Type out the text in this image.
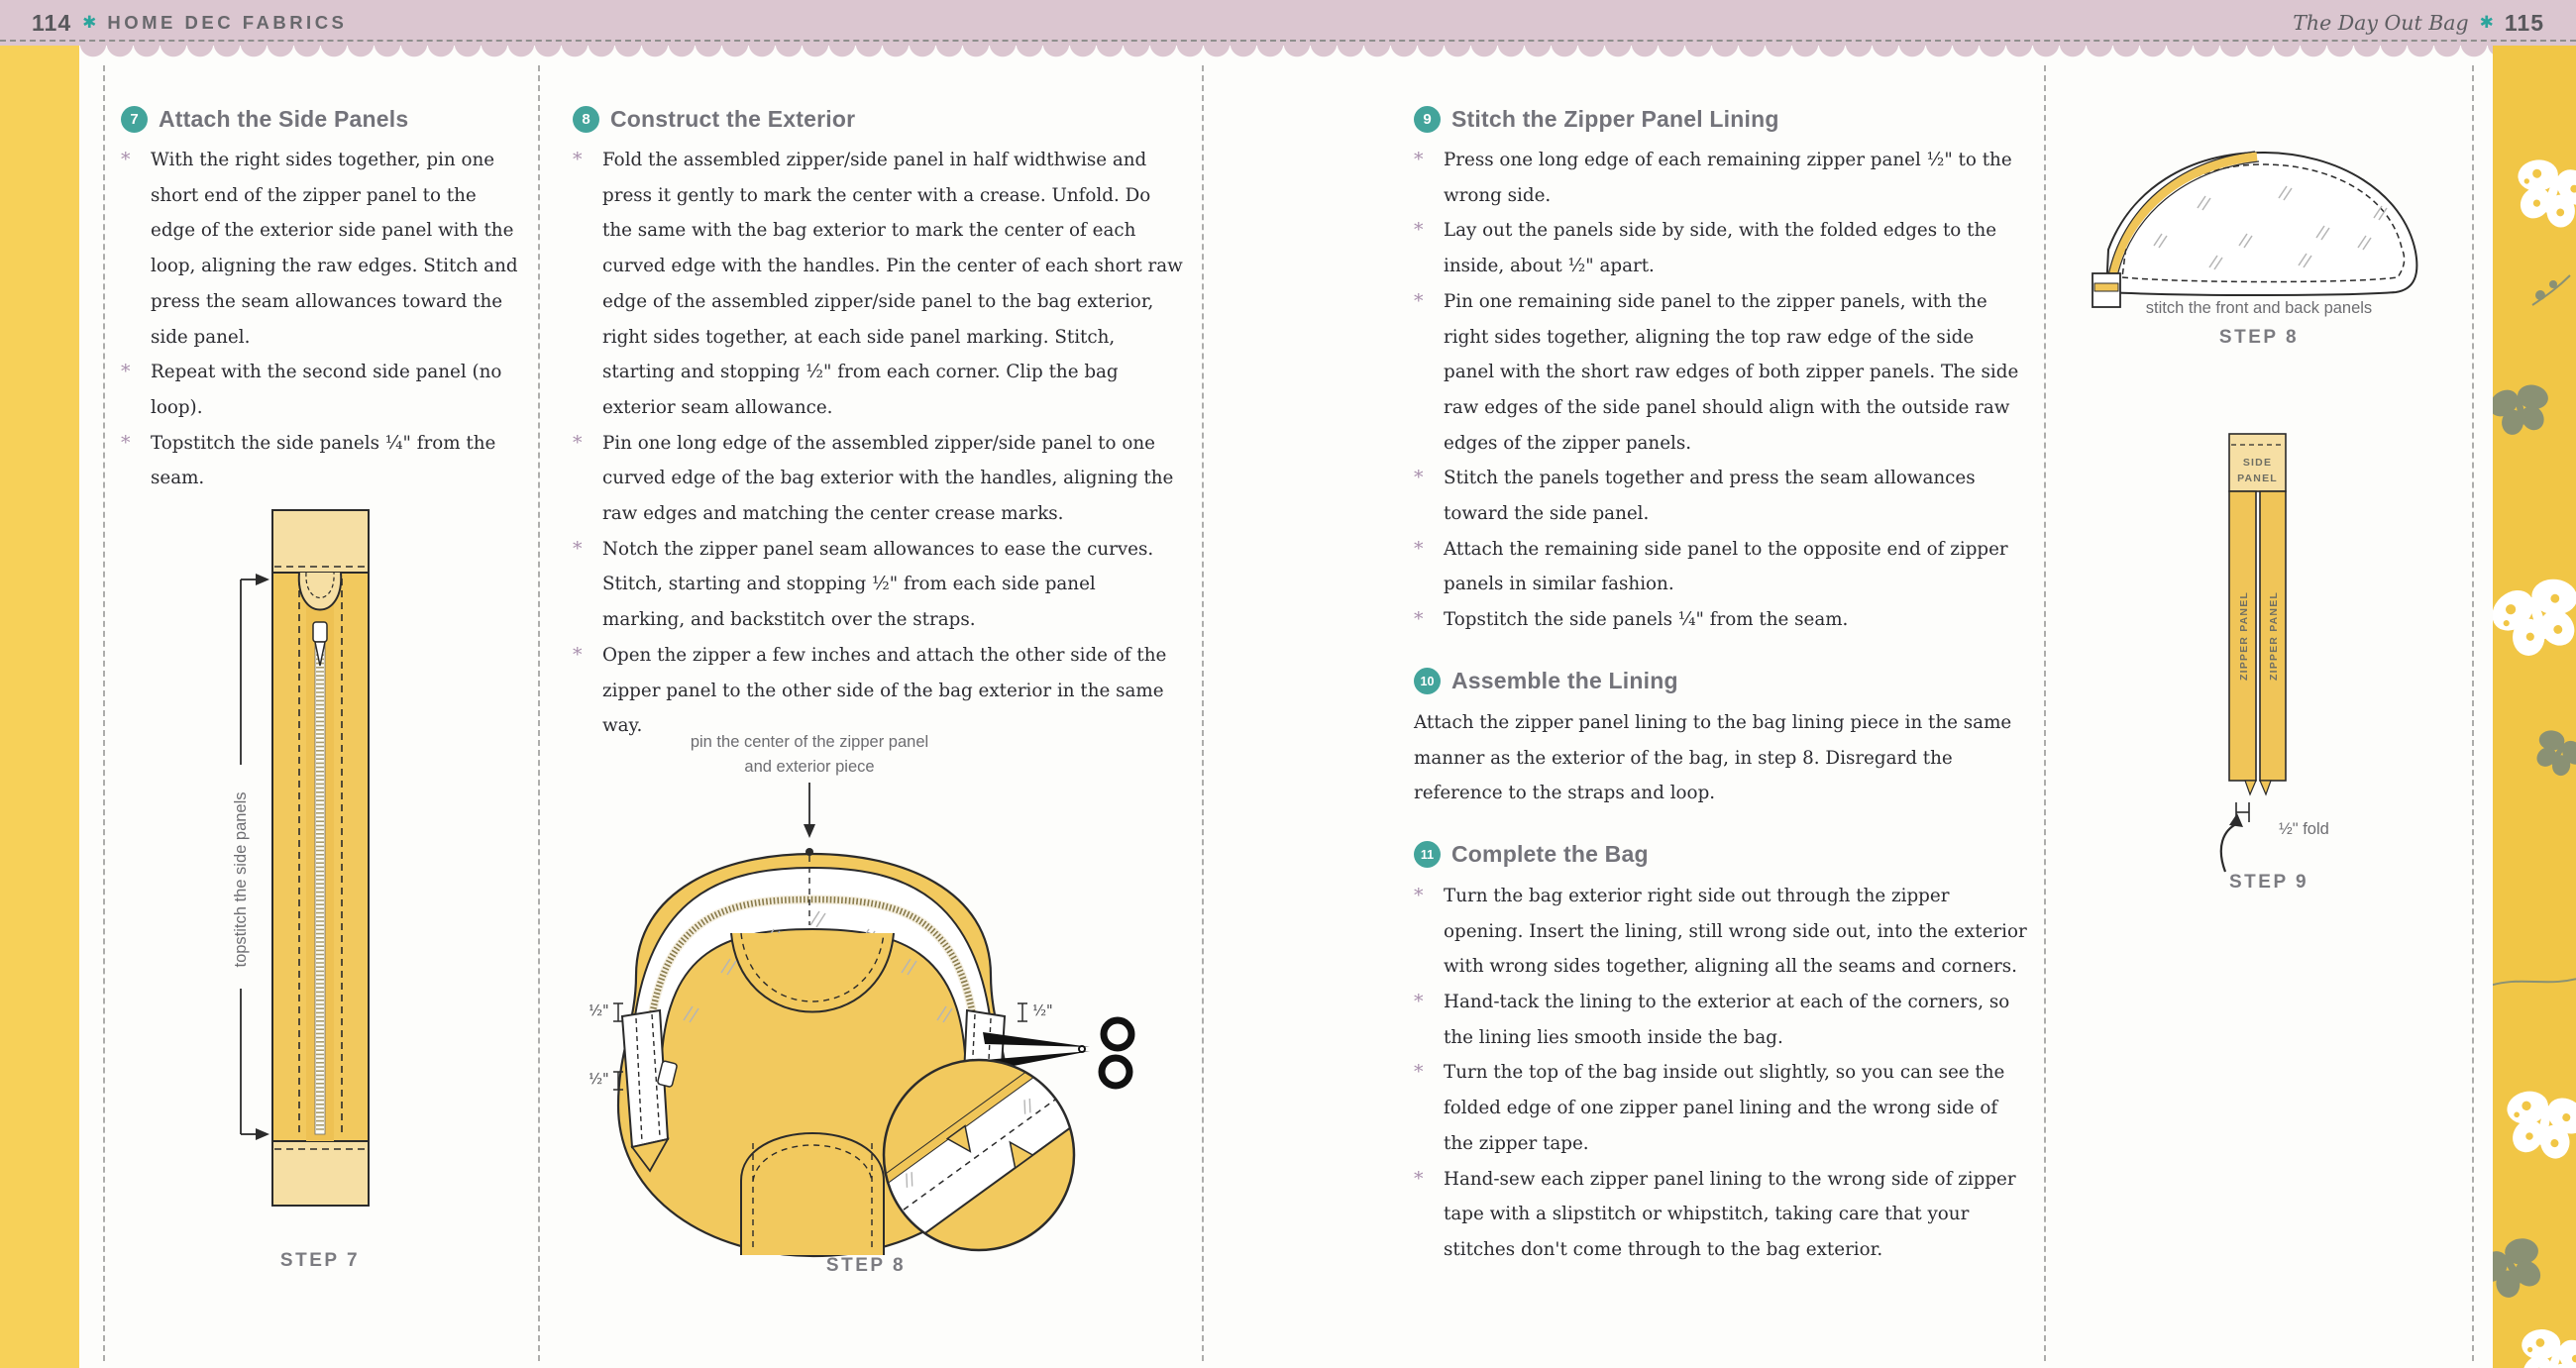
114 ✱ HOME DEC FABRICS	The Day Out Bag ✱ 115
7 Attach the Side Panels
*	With the right sides together, pin one short end of the zipper panel to the edge of the exterior side panel with the loop, aligning the raw edges. Stitch and press the seam allowances toward the side panel.
*	Repeat with the second side panel (no loop).
*	Topstitch the side panels ¼" from the seam.
8 Construct the Exterior
*	Fold the assembled zipper/side panel in half widthwise and press it gently to mark the center with a crease. Unfold. Do the same with the bag exterior to mark the center of each curved edge with the handles. Pin the center of each short raw edge of the assembled zipper/side panel to the bag exterior, right sides together, at each side panel marking. Stitch, starting and stopping ½" from each corner. Clip the bag exterior seam allowance.
*	Pin one long edge of the assembled zipper/side panel to one curved edge of the bag exterior with the handles, aligning the raw edges and matching the center crease marks.
*	Notch the zipper panel seam allowances to ease the curves. Stitch, starting and stopping ½" from each side panel marking, and backstitch over the straps.
*	Open the zipper a few inches and attach the other side of the zipper panel to the other side of the bag exterior in the same way.
9 Stitch the Zipper Panel Lining
*	Press one long edge of each remaining zipper panel ½" to the wrong side.
*	Lay out the panels side by side, with the folded edges to the inside, about ½" apart.
*	Pin one remaining side panel to the zipper panels, with the right sides together, aligning the top raw edge of the side panel with the short raw edges of both zipper panels. The side raw edges of the side panel should align with the outside raw edges of the zipper panels.
*	Stitch the panels together and press the seam allowances toward the side panel.
*	Attach the remaining side panel to the opposite end of zipper panels in similar fashion.
*	Topstitch the side panels ¼" from the seam.
10 Assemble the Lining

Attach the zipper panel lining to the bag lining piece in the same manner as the exterior of the bag, in step 8. Disregard the reference to the straps and loop.

11 Complete the Bag
*	Turn the bag exterior right side out through the zipper opening. Insert the lining, still wrong side out, into the exterior with wrong sides together, aligning all the seams and corners.
*	Hand-tack the lining to the exterior at each of the corners, so the lining lies smooth inside the bag.
*	Turn the top of the bag inside out slightly, so you can see the folded edge of one zipper panel lining and the wrong side of the zipper tape.
*	Hand-sew each zipper panel lining to the wrong side of zipper tape with a slipstitch or whipstitch, taking care that your stitches don't come through to the bag exterior.
topstitch the side panels
STEP 7
pin the center of the zipper panel
and exterior piece
½"
½"
½"
STEP 8
stitch the front and back panels
STEP 8
SIDE
PANEL
ZIPPER PANEL ZIPPER PANEL
½" fold
STEP 9
